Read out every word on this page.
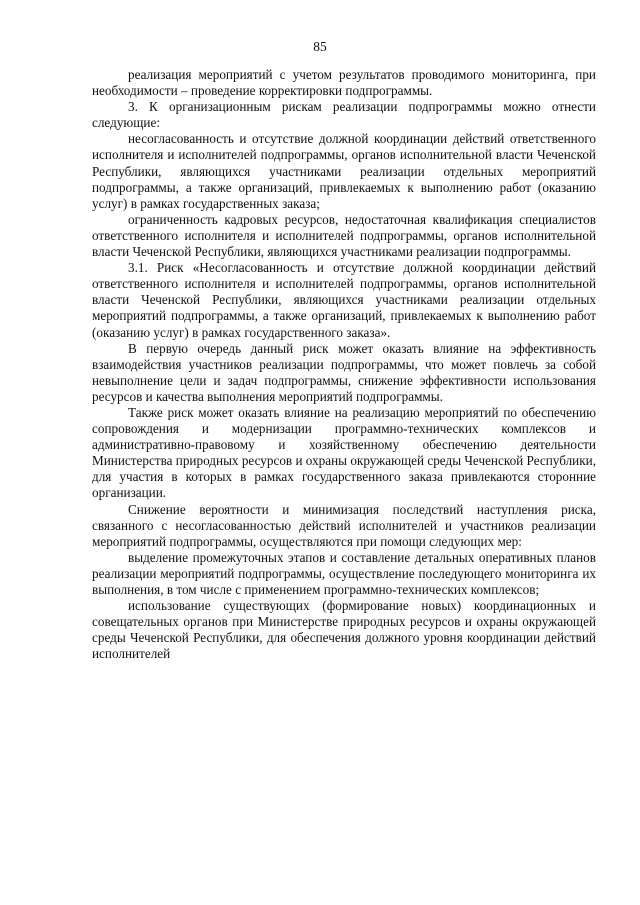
85

реализация мероприятий с учетом результатов проводимого мониторинга, при необходимости – проведение корректировки подпрограммы.

3. К организационным рискам реализации подпрограммы можно отнести следующие:

несогласованность и отсутствие должной координации действий ответственного исполнителя и исполнителей подпрограммы, органов исполнительной власти Чеченской Республики, являющихся участниками реализации отдельных мероприятий подпрограммы, а также организаций, привлекаемых к выполнению работ (оказанию услуг) в рамках государственных заказа;

ограниченность кадровых ресурсов, недостаточная квалификация специалистов ответственного исполнителя и исполнителей подпрограммы, органов исполнительной власти Чеченской Республики, являющихся участниками реализации подпрограммы.

3.1. Риск «Несогласованность и отсутствие должной координации действий ответственного исполнителя и исполнителей подпрограммы, органов исполнительной власти Чеченской Республики, являющихся участниками реализации отдельных мероприятий подпрограммы, а также организаций, привлекаемых к выполнению работ (оказанию услуг) в рамках государственного заказа».

В первую очередь данный риск может оказать влияние на эффективность взаимодействия участников реализации подпрограммы, что может повлечь за собой невыполнение цели и задач подпрограммы, снижение эффективности использования ресурсов и качества выполнения мероприятий подпрограммы.

Также риск может оказать влияние на реализацию мероприятий по обеспечению сопровождения и модернизации программно-технических комплексов и административно-правовому и хозяйственному обеспечению деятельности Министерства природных ресурсов и охраны окружающей среды Чеченской Республики, для участия в которых в рамках государственного заказа привлекаются сторонние организации.

Снижение вероятности и минимизация последствий наступления риска, связанного с несогласованностью действий исполнителей и участников реализации мероприятий подпрограммы, осуществляются при помощи следующих мер:

выделение промежуточных этапов и составление детальных оперативных планов реализации мероприятий подпрограммы, осуществление последующего мониторинга их выполнения, в том числе с применением программно-технических комплексов;

использование существующих (формирование новых) координационных и совещательных органов при Министерстве природных ресурсов и охраны окружающей среды Чеченской Республики, для обеспечения должного уровня координации действий исполнителей
